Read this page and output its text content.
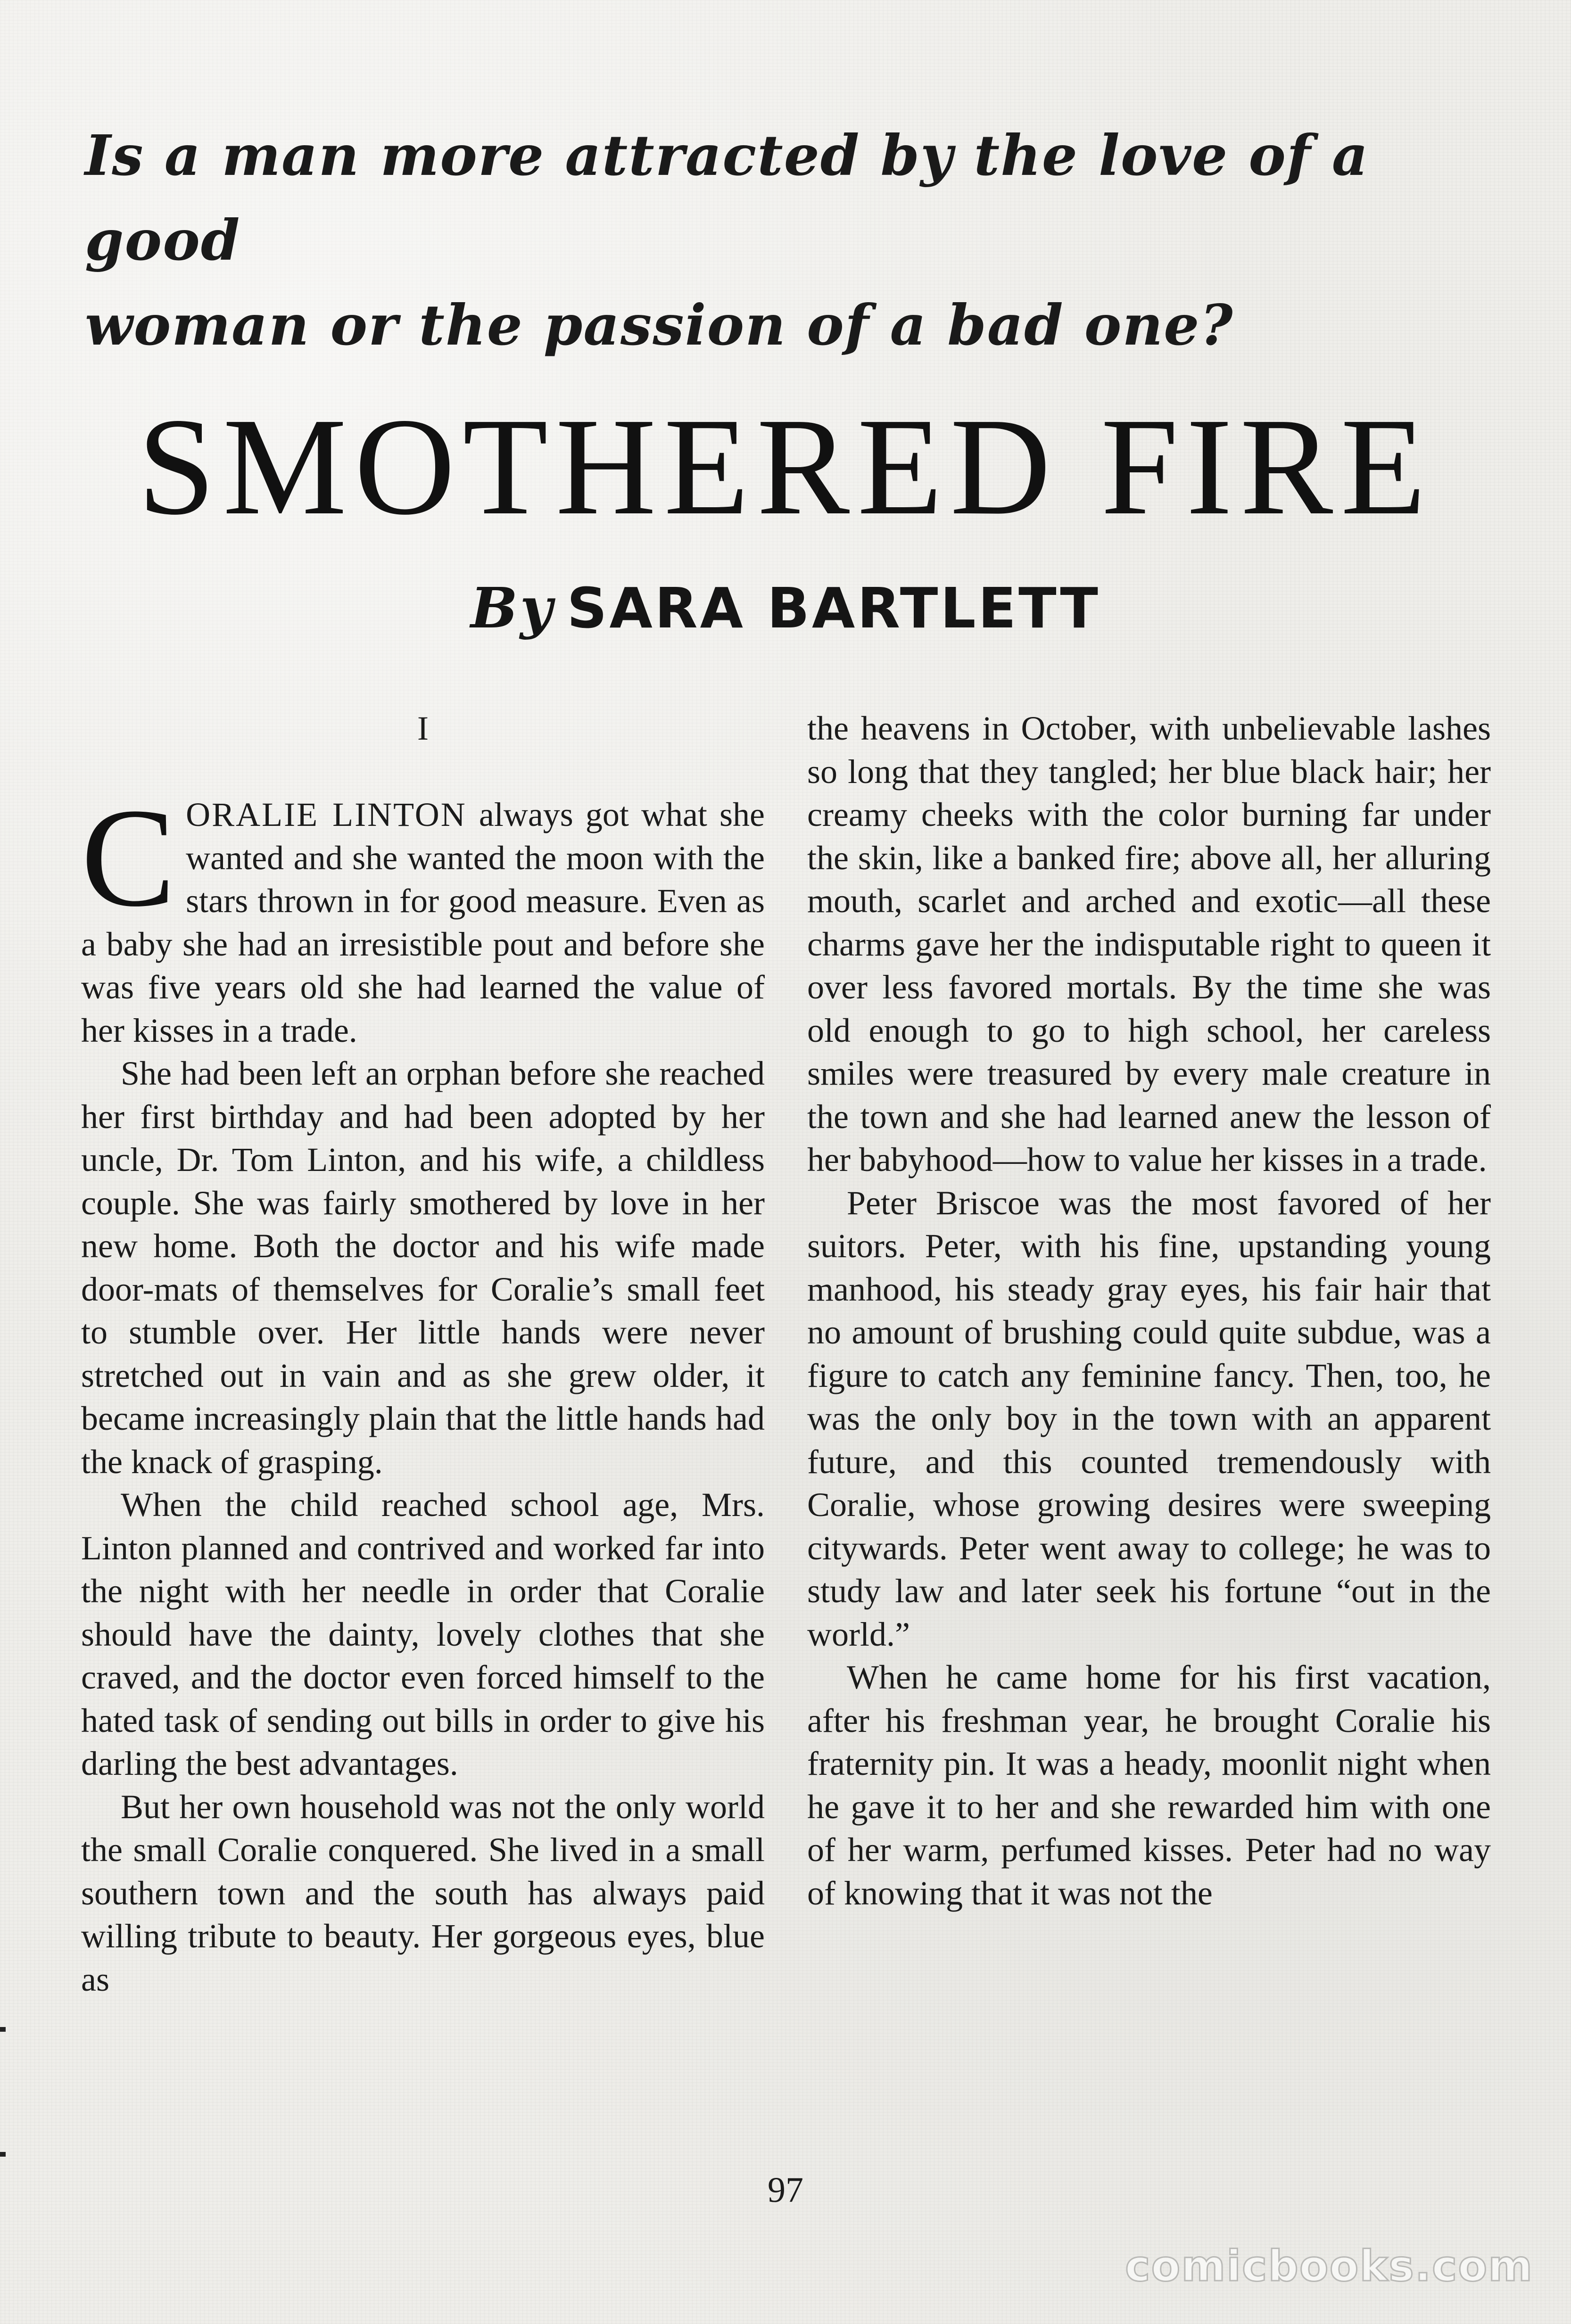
Is a man more attracted by the love of a good
woman or the passion of a bad one?
SMOTHERED FIRE
By SARA BARTLETT
I

CORALIE LINTON always got what she wanted and she wanted the moon with the stars thrown in for good measure. Even as a baby she had an irresistible pout and before she was five years old she had learned the value of her kisses in a trade.

She had been left an orphan before she reached her first birthday and had been adopted by her uncle, Dr. Tom Linton, and his wife, a childless couple. She was fairly smothered by love in her new home. Both the doctor and his wife made door-mats of themselves for Coralie’s small feet to stumble over. Her little hands were never stretched out in vain and as she grew older, it became increasingly plain that the little hands had the knack of grasping.

When the child reached school age, Mrs. Linton planned and contrived and worked far into the night with her needle in order that Coralie should have the dainty, lovely clothes that she craved, and the doctor even forced himself to the hated task of sending out bills in order to give his darling the best advantages.

But her own household was not the only world the small Coralie conquered. She lived in a small southern town and the south has always paid willing tribute to beauty. Her gorgeous eyes, blue as

the heavens in October, with unbelievable lashes so long that they tangled; her blue black hair; her creamy cheeks with the color burning far under the skin, like a banked fire; above all, her alluring mouth, scarlet and arched and exotic—all these charms gave her the indisputable right to queen it over less favored mortals. By the time she was old enough to go to high school, her careless smiles were treasured by every male creature in the town and she had learned anew the lesson of her babyhood—how to value her kisses in a trade.

Peter Briscoe was the most favored of her suitors. Peter, with his fine, upstanding young manhood, his steady gray eyes, his fair hair that no amount of brushing could quite subdue, was a figure to catch any feminine fancy. Then, too, he was the only boy in the town with an apparent future, and this counted tremendously with Coralie, whose growing desires were sweeping citywards. Peter went away to college; he was to study law and later seek his fortune “out in the world.”

When he came home for his first vacation, after his freshman year, he brought Coralie his fraternity pin. It was a heady, moonlit night when he gave it to her and she rewarded him with one of her warm, perfumed kisses. Peter had no way of knowing that it was not the

97
comicbooks.com
